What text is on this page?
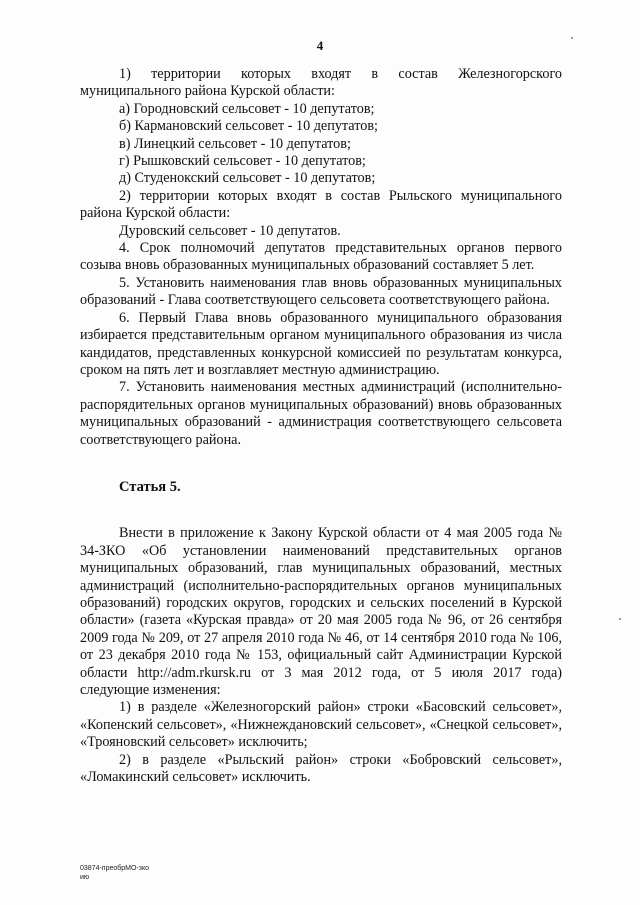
4

1) территории которых входят в состав Железногорского муниципального района Курской области:

а) Городновский сельсовет - 10 депутатов;

б) Кармановский сельсовет - 10 депутатов;

в) Линецкий сельсовет - 10 депутатов;

г) Рышковский сельсовет - 10 депутатов;

д) Студенокский сельсовет - 10 депутатов;

2) территории которых входят в состав Рыльского муниципального района Курской области:

Дуровский сельсовет - 10 депутатов.

4. Срок полномочий депутатов представительных органов первого созыва вновь образованных муниципальных образований составляет 5 лет.

5. Установить наименования глав вновь образованных муниципальных образований - Глава соответствующего сельсовета соответствующего района.

6. Первый Глава вновь образованного муниципального образования избирается представительным органом муниципального образования из числа кандидатов, представленных конкурсной комиссией по результатам конкурса, сроком на пять лет и возглавляет местную администрацию.

7. Установить наименования местных администраций (исполнительно-распорядительных органов муниципальных образований) вновь образованных муниципальных образований - администрация соответствующего сельсовета соответствующего района.

Статья 5.

Внести в приложение к Закону Курской области от 4 мая 2005 года № 34-ЗКО «Об установлении наименований представительных органов муниципальных образований, глав муниципальных образований, местных администраций (исполнительно-распорядительных органов муниципальных образований) городских округов, городских и сельских поселений в Курской области» (газета «Курская правда» от 20 мая 2005 года № 96, от 26 сентября 2009 года № 209, от 27 апреля 2010 года № 46, от 14 сентября 2010 года № 106, от 23 декабря 2010 года № 153, официальный сайт Администрации Курской области http://adm.rkursk.ru от 3 мая 2012 года, от 5 июля 2017 года) следующие изменения:

1) в разделе «Железногорский район» строки «Басовский сельсовет», «Копенский сельсовет», «Нижнеждановский сельсовет», «Снецкой сельсовет», «Трояновский сельсовет» исключить;

2) в разделе «Рыльский район» строки «Бобровский сельсовет», «Ломакинский сельсовет» исключить.

03874-преобрМО-зко
ию
